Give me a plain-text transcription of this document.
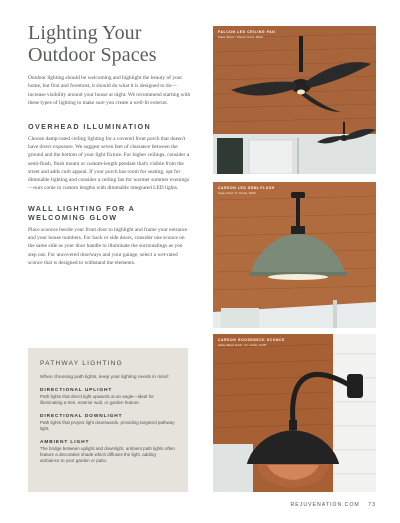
Lighting Your Outdoor Spaces

Outdoor lighting should be welcoming and highlight the beauty of your home, but first and foremost, it should do what it is designed to do—increase visibility around your house at night. We recommend starting with these types of lighting to make sure you create a well-lit exterior.

OVERHEAD ILLUMINATION

Choose damp-rated ceiling lighting for a covered front porch that doesn't have direct exposure. We suggest seven feet of clearance between the ground and the bottom of your light fixture. For higher ceilings, consider a semi-flush, flush mount or custom-length pendant that's visible from the street and adds curb appeal. If your porch has room for seating, opt for dimmable lighting and consider a ceiling fan for warmer summer evenings—ours come in custom lengths with dimmable integrated LED lights.

WALL LIGHTING FOR A WELCOMING GLOW

Place sconces beside your front door to highlight and frame your entrance and your house numbers. For back or side doors, consider one sconce on the same side as your door handle to illuminate the surroundings as you step out. For uncovered doorways and your garage, select a wet-rated sconce that is designed to withstand the elements.

PATHWAY LIGHTING
When choosing path lights, keep your lighting needs in mind:
DIRECTIONAL UPLIGHT
Path lights that direct light upwards at an angle—ideal for illuminating a tree, exterior wall, or garden feature.
DIRECTIONAL DOWNLIGHT
Path lights that project light downwards, providing targeted pathway light.
AMBIENT LIGHT
The bridge between uplight and downlight, ambient path lights often feature a decorative shade which diffuses the light, adding ambiance to your garden or patio.
FALCON LED CEILING FAN
Matte Black / Walnut finish, $849
CARSON LED SEMI-FLUSH
Sage finish, 8" shade, $295
CARSON GOOSENECK SCONCE
Matte Black finish, 12" shade, $195
REJUVENATION.COM 73
